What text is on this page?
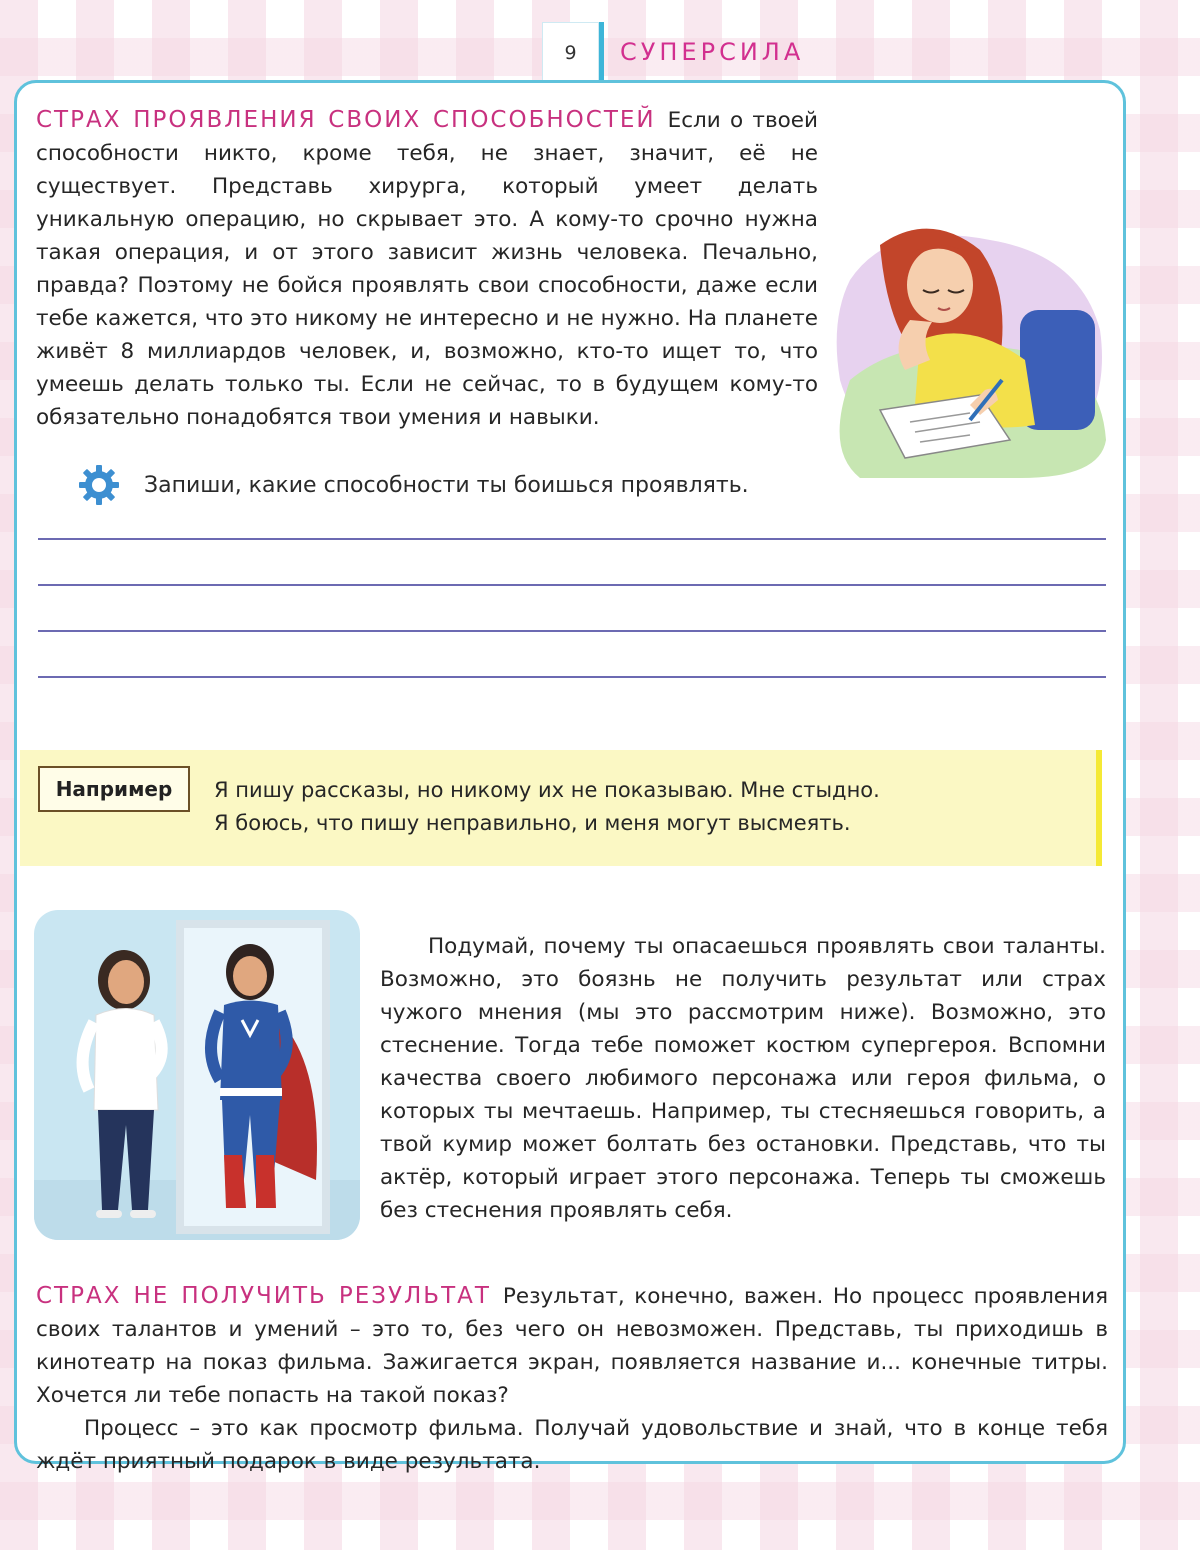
9	СУПЕРСИЛА
СТРАХ ПРОЯВЛЕНИЯ СВОИХ СПОСОБНОСТЕЙ Если о твоей способности никто, кроме тебя, не знает, значит, её не существует. Представь хирурга, который умеет делать уникальную операцию, но скрывает это. А кому-то срочно нужна такая операция, и от этого зависит жизнь человека. Печально, правда? Поэтому не бойся проявлять свои способности, даже если тебе кажется, что это никому не интересно и не нужно. На планете живёт 8 миллиардов человек, и, возможно, кто-то ищет то, что умеешь делать только ты. Если не сейчас, то в будущем кому-то обязательно понадобятся твои умения и навыки.
Запиши, какие способности ты боишься проявлять.
Например	Я пишу рассказы, но никому их не показываю. Мне стыдно.
Я боюсь, что пишу неправильно, и меня могут высмеять.

Подумай, почему ты опасаешься проявлять свои таланты. Возможно, это боязнь не получить результат или страх чужого мнения (мы это рассмотрим ниже). Возможно, это стеснение. Тогда тебе поможет костюм супергероя. Вспомни качества своего любимого персонажа или героя фильма, о которых ты мечтаешь. Например, ты стесняешься говорить, а твой кумир может болтать без остановки. Представь, что ты актёр, который играет этого персонажа. Теперь ты сможешь без стеснения проявлять себя.

СТРАХ НЕ ПОЛУЧИТЬ РЕЗУЛЬТАТ Результат, конечно, важен. Но процесс проявления своих талантов и умений – это то, без чего он невозможен. Представь, ты приходишь в кинотеатр на показ фильма. Зажигается экран, появляется название и... конечные титры. Хочется ли тебе попасть на такой показ?

Процесс – это как просмотр фильма. Получай удовольствие и знай, что в конце тебя ждёт приятный подарок в виде результата.
